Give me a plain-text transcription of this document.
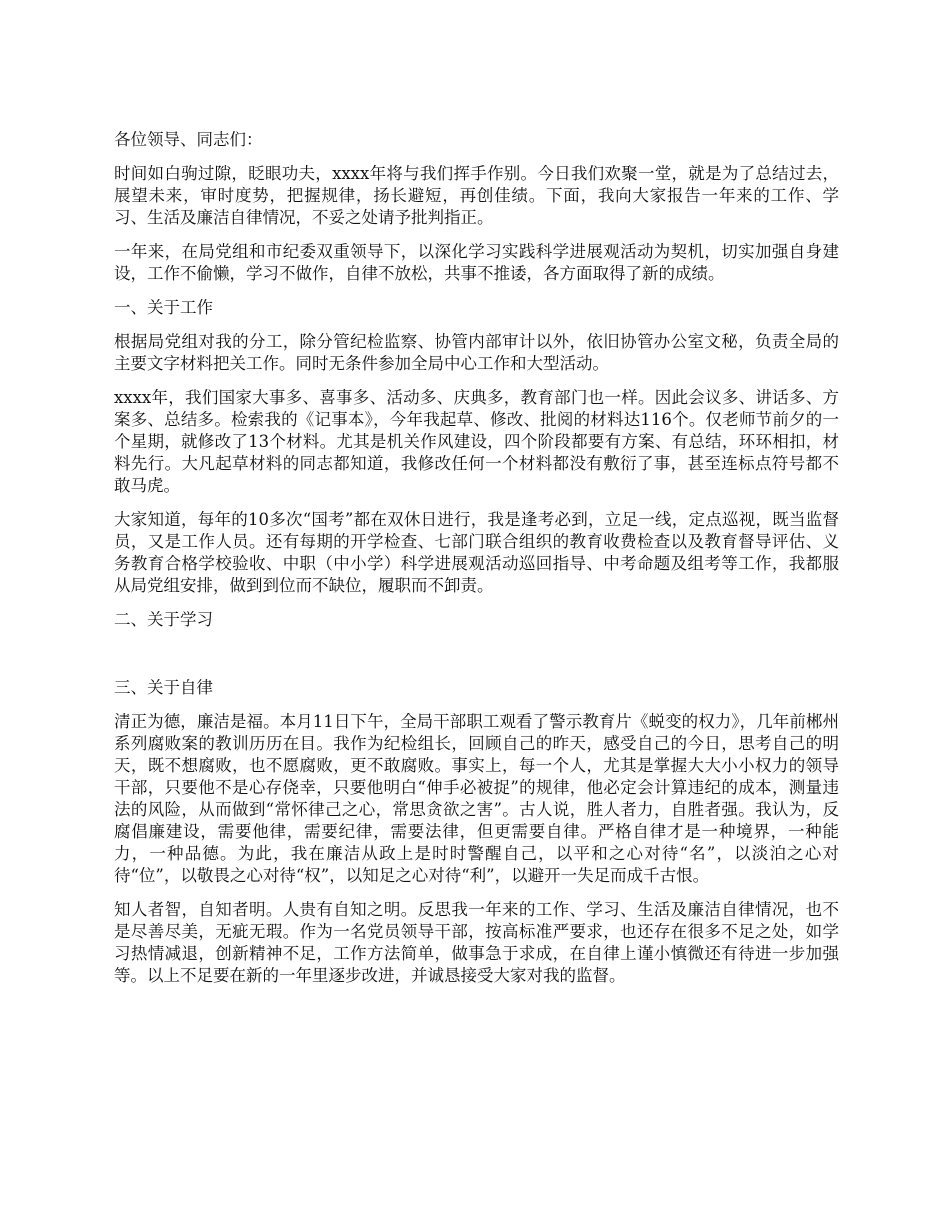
各位领导、同志们：

时间如白驹过隙，眨眼功夫，xxxx年将与我们挥手作别。今日我们欢聚一堂，就是为了总结过去，展望未来，审时度势，把握规律，扬长避短，再创佳绩。下面，我向大家报告一年来的工作、学习、生活及廉洁自律情况，不妥之处请予批判指正。

一年来，在局党组和市纪委双重领导下，以深化学习实践科学进展观活动为契机，切实加强自身建设，工作不偷懒，学习不做作，自律不放松，共事不推诿，各方面取得了新的成绩。

一、关于工作

根据局党组对我的分工，除分管纪检监察、协管内部审计以外，依旧协管办公室文秘，负责全局的主要文字材料把关工作。同时无条件参加全局中心工作和大型活动。

xxxx年，我们国家大事多、喜事多、活动多、庆典多，教育部门也一样。因此会议多、讲话多、方案多、总结多。检索我的《记事本》，今年我起草、修改、批阅的材料达116个。仅老师节前夕的一个星期，就修改了13个材料。尤其是机关作风建设，四个阶段都要有方案、有总结，环环相扣，材料先行。大凡起草材料的同志都知道，我修改任何一个材料都没有敷衍了事，甚至连标点符号都不敢马虎。

大家知道，每年的10多次“国考”都在双休日进行，我是逢考必到，立足一线，定点巡视，既当监督员，又是工作人员。还有每期的开学检查、七部门联合组织的教育收费检查以及教育督导评估、义务教育合格学校验收、中职（中小学）科学进展观活动巡回指导、中考命题及组考等工作，我都服从局党组安排，做到到位而不缺位，履职而不卸责。

二、关于学习

三、关于自律

清正为德，廉洁是福。本月11日下午，全局干部职工观看了警示教育片《蜕变的权力》，几年前郴州系列腐败案的教训历历在目。我作为纪检组长，回顾自己的昨天，感受自己的今日，思考自己的明天，既不想腐败，也不愿腐败，更不敢腐败。事实上，每一个人，尤其是掌握大大小小权力的领导干部，只要他不是心存侥幸，只要他明白“伸手必被捉”的规律，他必定会计算违纪的成本，测量违法的风险，从而做到“常怀律己之心，常思贪欲之害”。古人说，胜人者力，自胜者强。我认为，反腐倡廉建设，需要他律，需要纪律，需要法律，但更需要自律。严格自律才是一种境界，一种能力，一种品德。为此，我在廉洁从政上是时时警醒自己，以平和之心对待“名”，以淡泊之心对待“位”，以敬畏之心对待“权”，以知足之心对待“利”，以避开一失足而成千古恨。

知人者智，自知者明。人贵有自知之明。反思我一年来的工作、学习、生活及廉洁自律情况，也不是尽善尽美，无疵无瑕。作为一名党员领导干部，按高标准严要求，也还存在很多不足之处，如学习热情减退，创新精神不足，工作方法简单，做事急于求成，在自律上谨小慎微还有待进一步加强等。以上不足要在新的一年里逐步改进，并诚恳接受大家对我的监督。
